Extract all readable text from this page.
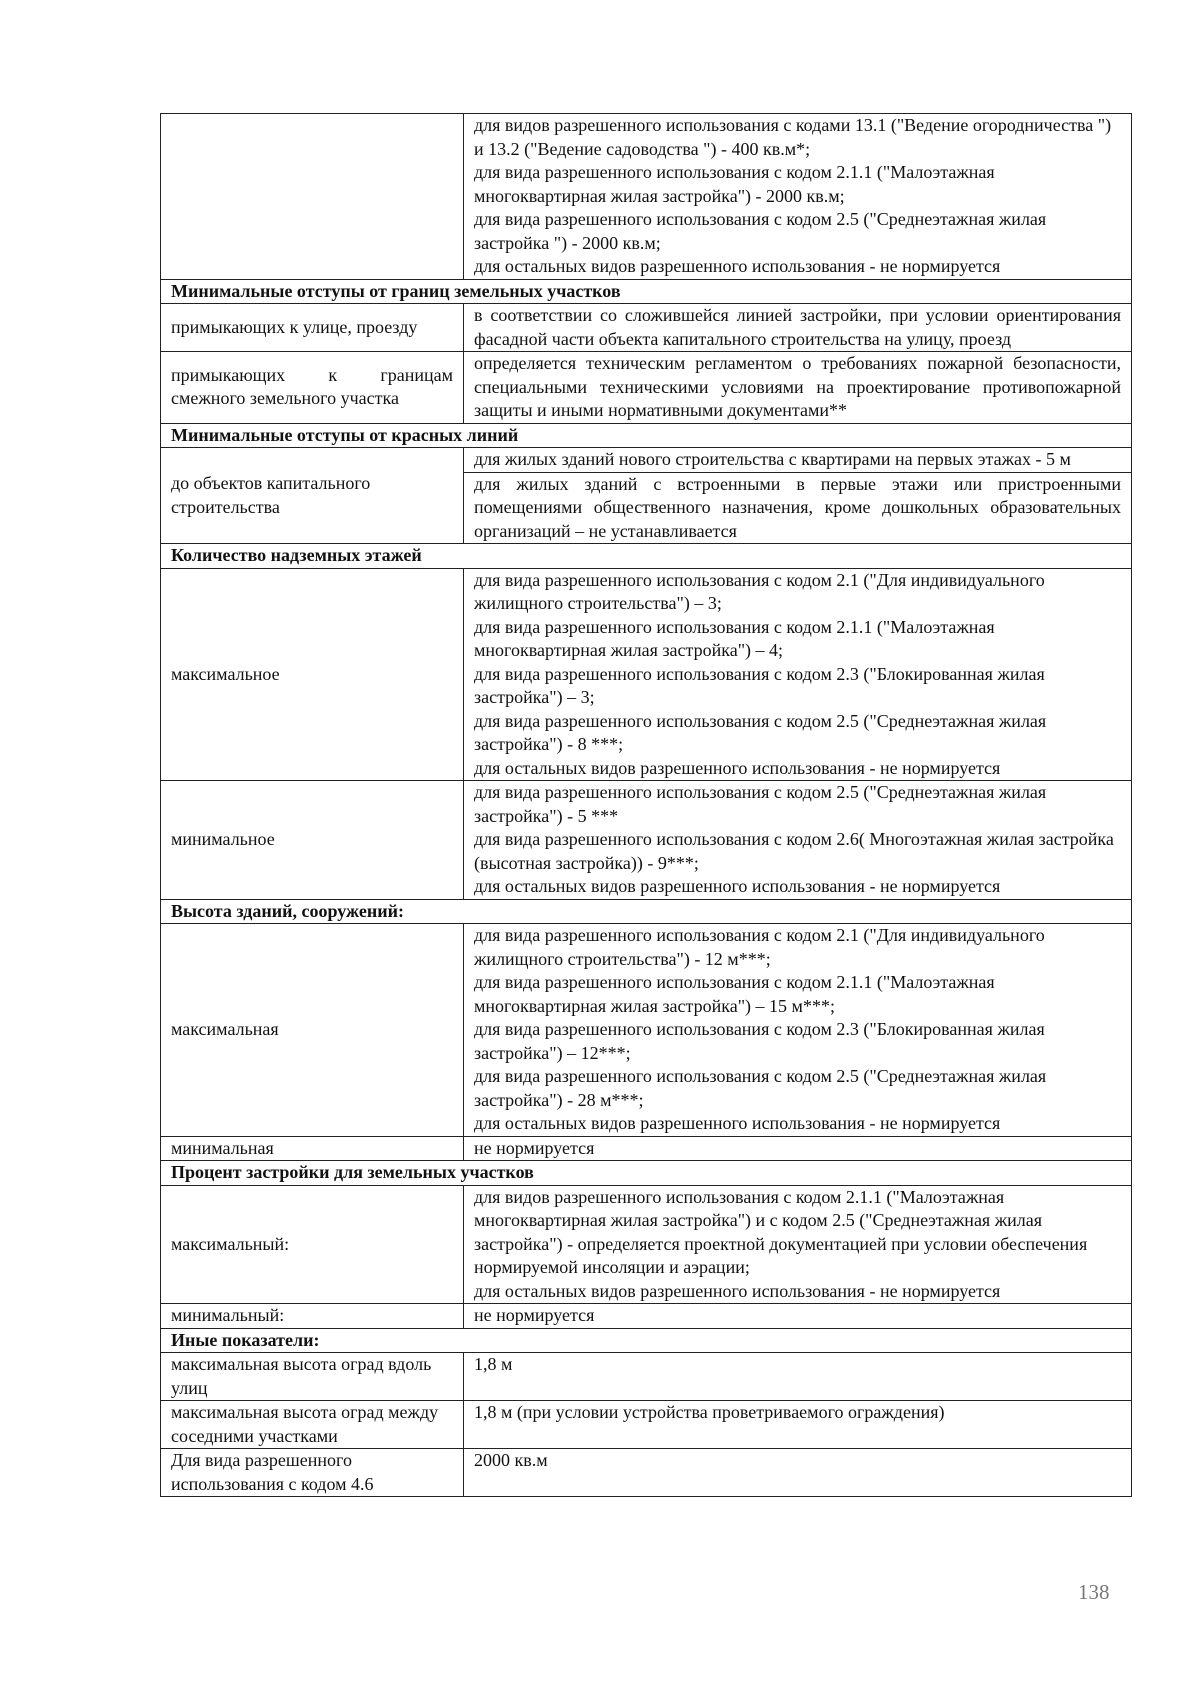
	для видов разрешенного использования с кодами 13.1 ("Ведение огородничества ") и 13.2 ("Ведение садоводства ") - 400 кв.м*;
для вида разрешенного использования с кодом 2.1.1 ("Малоэтажная многоквартирная жилая застройка") - 2000 кв.м;
для вида разрешенного использования с кодом 2.5 ("Среднеэтажная жилая застройка ") - 2000 кв.м;
для остальных видов разрешенного использования - не нормируется

Минимальные отступы от границ земельных участков	
примыкающих к улице, проезду	в соответствии со сложившейся линией застройки, при условии ориентирования фасадной части объекта капитального строительства на улицу, проезд

примыкающих к границам смежного земельного участка	определяется техническим регламентом о требованиях пожарной безопасности, специальными техническими условиями на проектирование противопожарной защиты и иными нормативными документами**

Минимальные отступы от красных линий	
до объектов капитального строительства	для жилых зданий нового строительства с квартирами на первых этажах - 5 м
	для жилых зданий с встроенными в первые этажи или пристроенными помещениями общественного назначения, кроме дошкольных образовательных организаций – не устанавливается
Количество надземных этажей	
максимальное	для вида разрешенного использования с кодом 2.1 ("Для индивидуального жилищного строительства") – 3;
для вида разрешенного использования с кодом 2.1.1 ("Малоэтажная многоквартирная жилая застройка") – 4;
для вида разрешенного использования с кодом 2.3 ("Блокированная жилая застройка") – 3;
для вида разрешенного использования с кодом 2.5 ("Среднеэтажная жилая застройка") - 8 ***;
для остальных видов разрешенного использования - не нормируется

минимальное	для вида разрешенного использования с кодом 2.5 ("Среднеэтажная жилая застройка") - 5 ***
для вида разрешенного использования с кодом 2.6( Многоэтажная жилая застройка (высотная застройка)) - 9***;
для остальных видов разрешенного использования - не нормируется

Высота зданий, сооружений:	
максимальная	для вида разрешенного использования с кодом 2.1 ("Для индивидуального жилищного строительства") - 12 м***;
для вида разрешенного использования с кодом 2.1.1 ("Малоэтажная многоквартирная жилая застройка") – 15 м***;
для вида разрешенного использования с кодом 2.3 ("Блокированная жилая застройка") – 12***;
для вида разрешенного использования с кодом 2.5 ("Среднеэтажная жилая застройка") - 28 м***;
для остальных видов разрешенного использования - не нормируется

минимальная	не нормируется

Процент застройки для земельных участков	
максимальный:	для видов разрешенного использования с кодом 2.1.1 ("Малоэтажная многоквартирная жилая застройка") и с кодом 2.5 ("Среднеэтажная жилая застройка") - определяется проектной документацией при условии обеспечения нормируемой инсоляции и аэрации;
для остальных видов разрешенного использования - не нормируется

минимальный:	не нормируется

Иные показатели:	
максимальная высота оград вдоль улиц	1,8 м

максимальная высота оград между соседними участками	1,8 м (при условии устройства проветриваемого ограждения)

Для вида разрешенного использования с кодом 4.6	2000 кв.м
138
